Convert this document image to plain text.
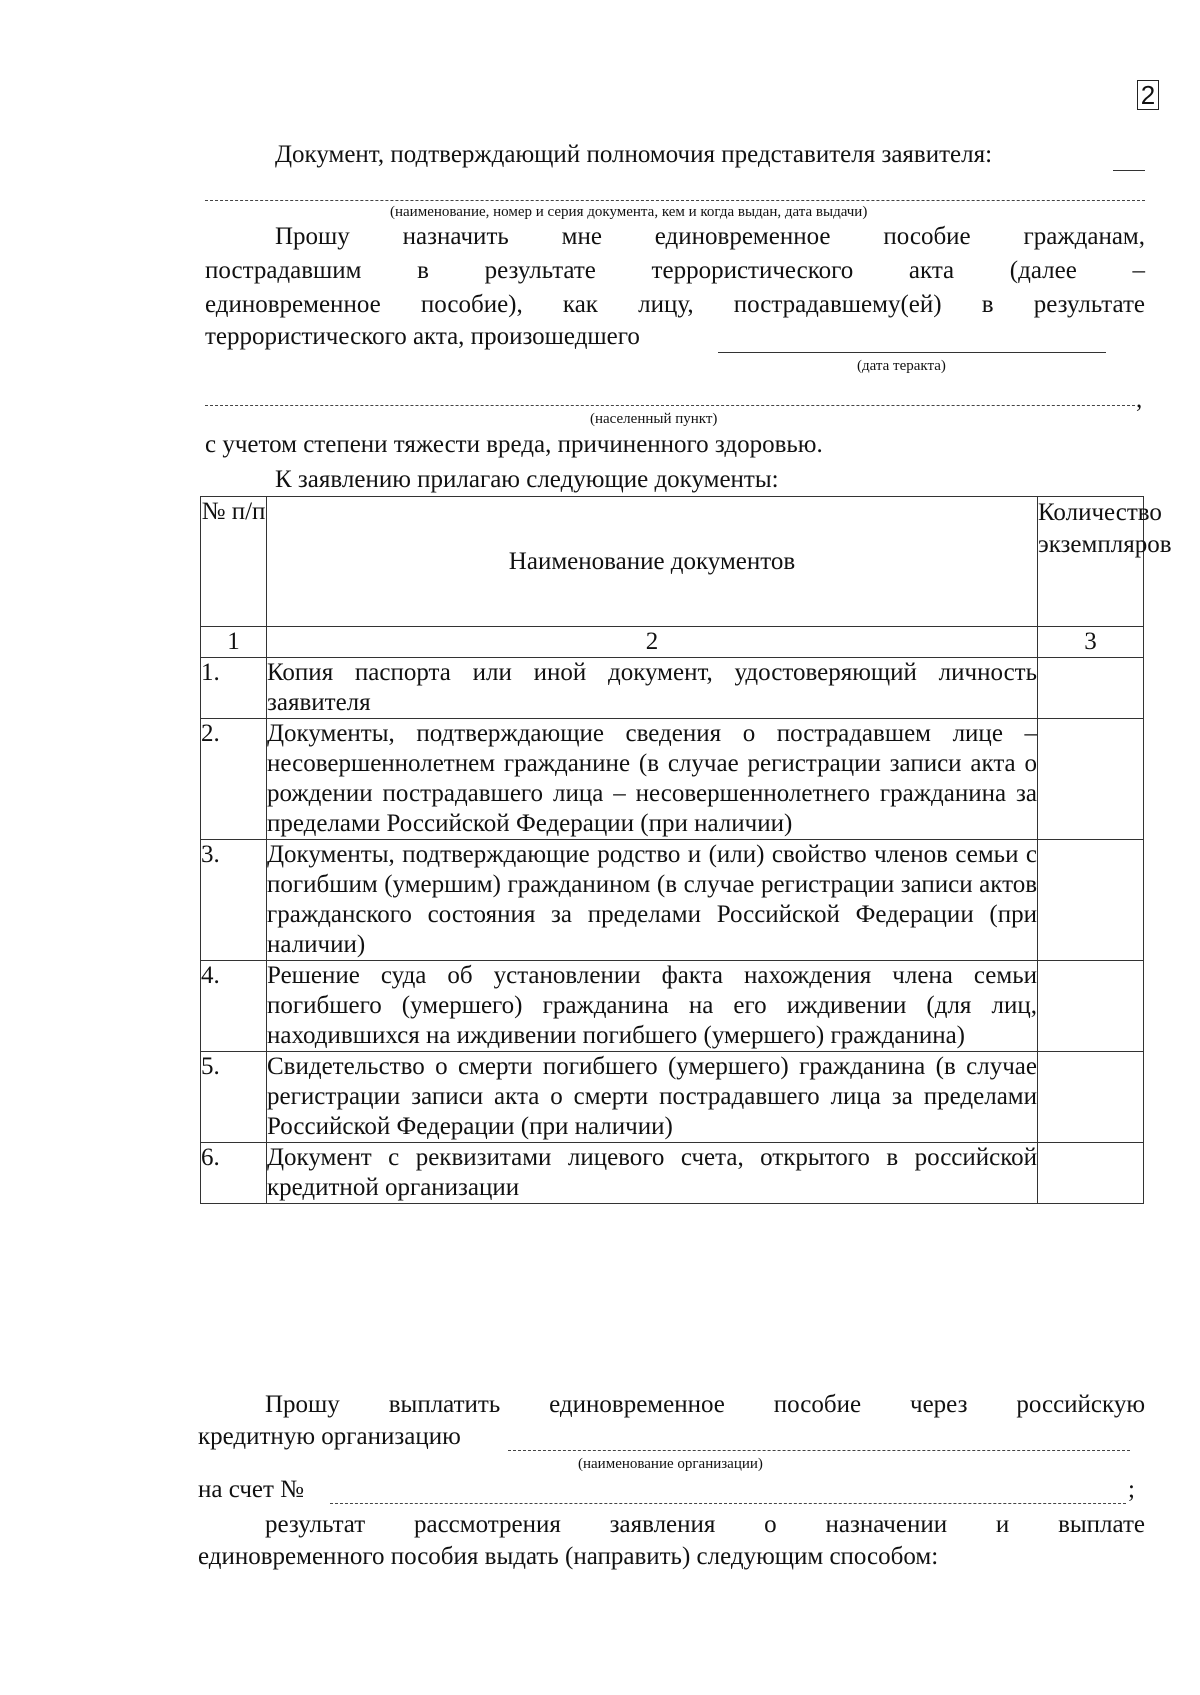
2
Документ, подтверждающий полномочия представителя заявителя:
(наименование, номер и серия документа, кем и когда выдан, дата выдачи)
Прошу назначить мне единовременное пособие гражданам,
пострадавшим в результате террористического акта (далее –
единовременное пособие), как лицу, пострадавшему(ей) в результате
террористического акта, произошедшего
(дата теракта)
,
(населенный пункт)
с учетом степени тяжести вреда, причиненного здоровью.
К заявлению прилагаю следующие документы:
№ п/п	Наименование документов	Количество экземпляров
1	2	3
1.	Копия паспорта или иной документ, удостоверяющий личность заявителя	
2.	Документы, подтверждающие сведения о пострадавшем лице – несовершеннолетнем гражданине (в случае регистрации записи акта о рождении пострадавшего лица – несовершеннолетнего гражданина за пределами Российской Федерации (при наличии)	
3.	Документы, подтверждающие родство и (или) свойство членов семьи с погибшим (умершим) гражданином (в случае регистрации записи актов гражданского состояния за пределами Российской Федерации (при наличии)	
4.	Решение суда об установлении факта нахождения члена семьи погибшего (умершего) гражданина на его иждивении (для лиц, находившихся на иждивении погибшего (умершего) гражданина)	
5.	Свидетельство о смерти погибшего (умершего) гражданина (в случае регистрации записи акта о смерти пострадавшего лица за пределами Российской Федерации (при наличии)	
6.	Документ с реквизитами лицевого счета, открытого в российской кредитной организации	
Прошу выплатить единовременное пособие через российскую
кредитную организацию
(наименование организации)
на счет №	;
результат рассмотрения заявления о назначении и выплате
единовременного пособия выдать (направить) следующим способом:
